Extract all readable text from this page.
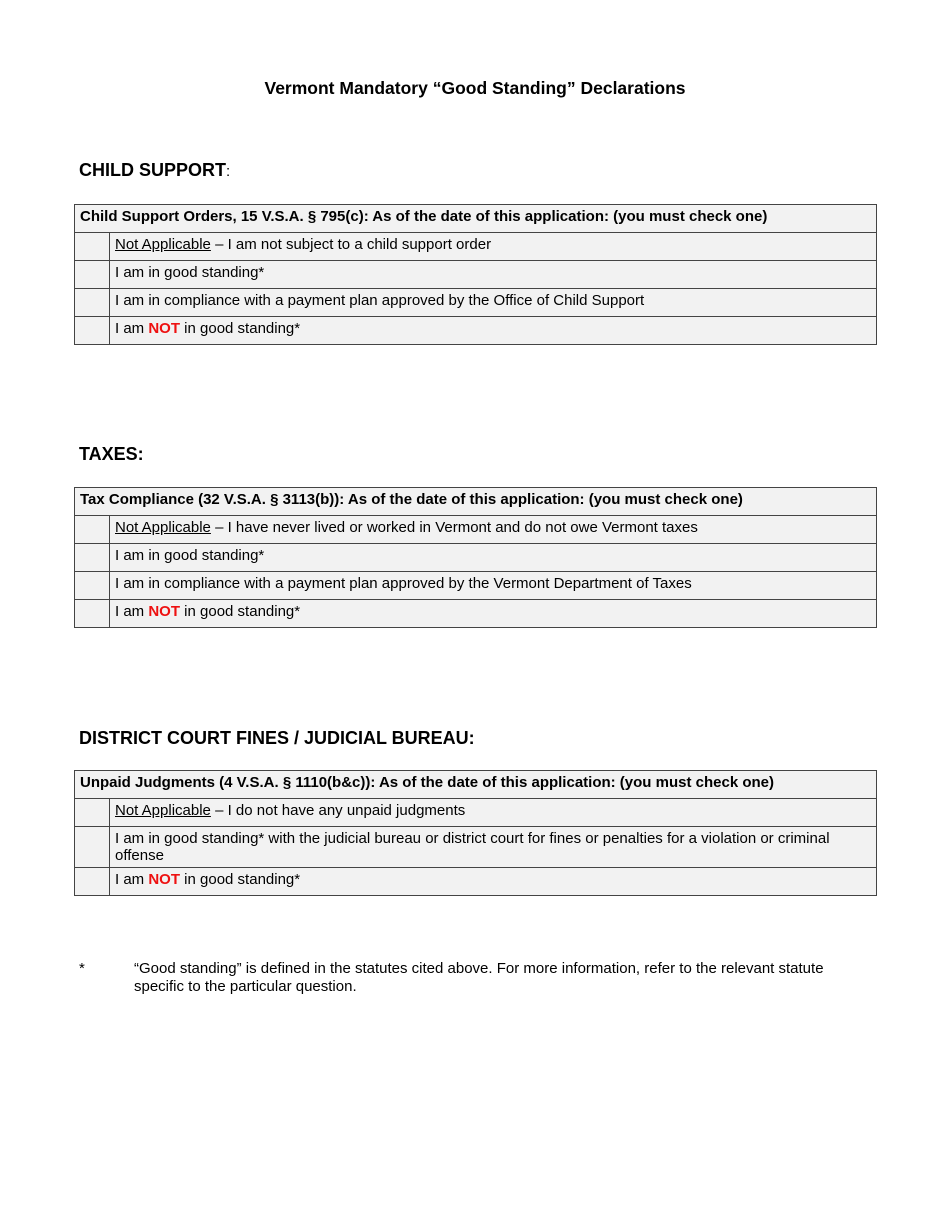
Vermont Mandatory “Good Standing” Declarations
CHILD SUPPORT:
Child Support Orders, 15 V.S.A. § 795(c): As of the date of this application: (you must check one)	
	Not Applicable – I am not subject to a child support order
	I am in good standing*
	I am in compliance with a payment plan approved by the Office of Child Support
	I am NOT in good standing*
TAXES:
Tax Compliance (32 V.S.A. § 3113(b)): As of the date of this application: (you must check one)	
	Not Applicable – I have never lived or worked in Vermont and do not owe Vermont taxes
	I am in good standing*
	I am in compliance with a payment plan approved by the Vermont Department of Taxes
	I am NOT in good standing*
DISTRICT COURT FINES / JUDICIAL BUREAU:
Unpaid Judgments (4 V.S.A. § 1110(b&c)): As of the date of this application: (you must check one)	
	Not Applicable – I do not have any unpaid judgments
	I am in good standing* with the judicial bureau or district court for fines or penalties for a violation or criminal offense
	I am NOT in good standing*
*	“Good standing” is defined in the statutes cited above. For more information, refer to the relevant statute specific to the particular question.
